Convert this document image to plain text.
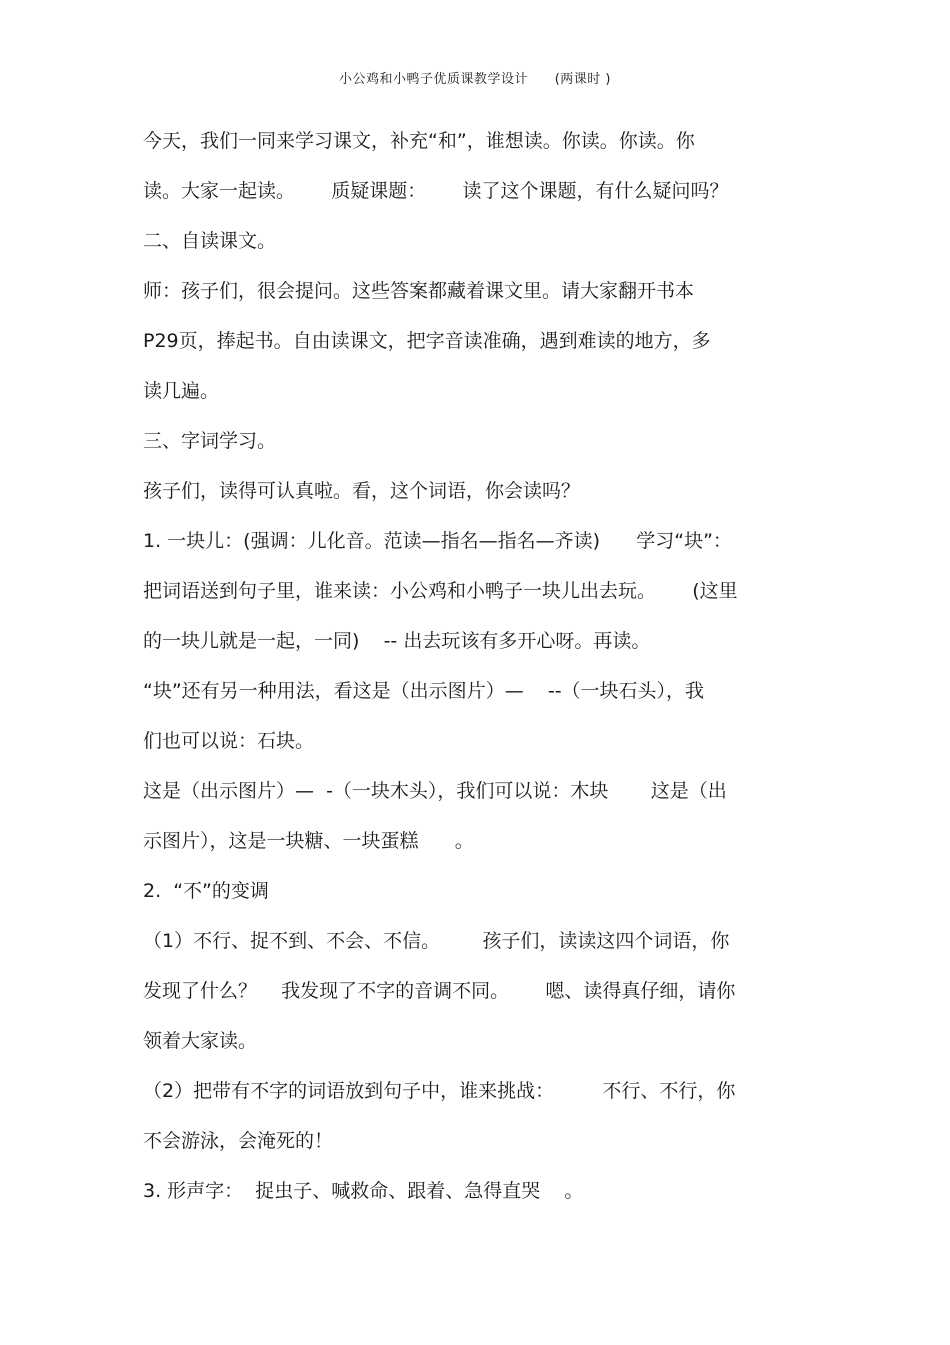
小公鸡和小鸭子优质课教学设计 (两课时 )
今天，我们一同来学习课文，补充“和”，谁想读。你读。你读。你
读。大家一起读。      质疑课题：      读了这个课题，有什么疑问吗？
二、自读课文。
师：孩子们，很会提问。这些答案都藏着课文里。请大家翻开书本
P29页，捧起书。自由读课文，把字音读准确，遇到难读的地方，多
读几遍。
三、字词学习。
孩子们，读得可认真啦。看，这个词语，你会读吗？
1. 一块儿：(强调：儿化音。范读—指名—指名—齐读)      学习“块”：
把词语送到句子里，谁来读：小公鸡和小鸭子一块儿出去玩。      (这里
的一块儿就是一起，一同)    -- 出去玩该有多开心呀。再读。
“块”还有另一种用法，看这是（出示图片）—    --（一块石头），我
们也可以说：石块。
这是（出示图片）—  -（一块木头），我们可以说：木块       这是（出
示图片），这是一块糖、一块蛋糕      。
2.  “不”的变调
（1）不行、捉不到、不会、不信。       孩子们，读读这四个词语，你
发现了什么？    我发现了不字的音调不同。      嗯、读得真仔细，请你
领着大家读。
（2）把带有不字的词语放到句子中，谁来挑战：        不行、不行，你
不会游泳，会淹死的！
3. 形声字：  捉虫子、喊救命、跟着、急得直哭    。
